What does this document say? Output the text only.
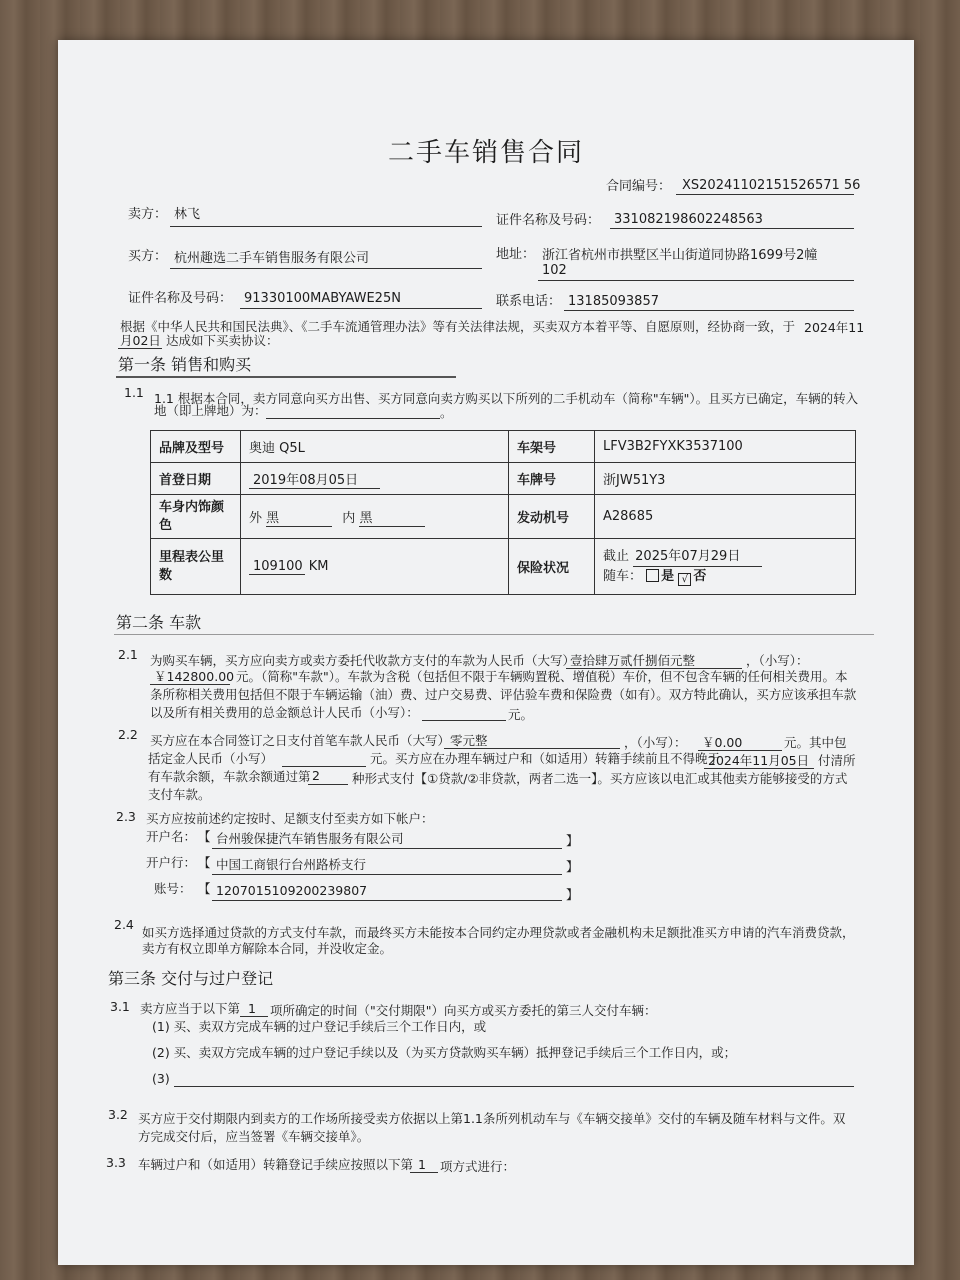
二手车销售合同
合同编号： XS20241102151526571 56
卖方： 林飞	证件名称及号码： 331082198602248563
买方： 杭州趣选二手车销售服务有限公司	地址： 浙江省杭州市拱墅区半山街道同协路1699号2幢
102
证件名称及号码： 91330100MABYAWE25N	联系电话： 13185093857
根据《中华人民共和国民法典》、《二手车流通管理办法》等有关法律法规，买卖双方本着平等、自愿原则，经协商一致，于 2024年11
月02日 达成如下买卖协议：
第一条 销售和购买
1.1 1.1 根据本合同，卖方同意向买方出售、买方同意向卖方购买以下所列的二手机动车（简称"车辆"）。且买方已确定，车辆的转入
地（即上牌地）为：	。
品牌及型号	奥迪 Q5L	车架号	LFV3B2FYXK3537100
首登日期	2019年08月05日	车牌号	浙JW51Y3
车身内饰颜
色	外 黑 内 黑	发动机号	A28685
里程表公里
数	109100 KM	保险状况	截止 2025年07月29日
随车： 是 √ 否
第二条 车款
2.1 为购买车辆，买方应向卖方或卖方委托代收款方支付的车款为人民币（大写）
壹拾肆万贰仟捌佰元整	，（小写）：
￥142800.00 元。（简称"车款"）。车款为含税（包括但不限于车辆购置税、增值税）车价，但不包含车辆的任何相关费用。本
条所称相关费用包括但不限于车辆运输（油）费、过户交易费、评估验车费和保险费（如有）。双方特此确认，买方应该承担车款
以及所有相关费用的总金额总计人民币（小写）：	元。
2.2 买方应在本合同签订之日支付首笔车款人民币（大写） 零元整	，（小写）： ￥0.00	元。其中包
括定金人民币（小写）	元。买方应在办理车辆过户和（如适用）转籍手续前且不得晚于
2024年11月05日 付清所
有车款余额，车款余额通过第 2	种形式支付【①贷款/②非贷款，两者二选一】。买方应该以电汇或其他卖方能够接受的方式
支付车款。
2.3 买方应按前述约定按时、足额支付至卖方如下帐户：
开户名： 【 台州骏保捷汽车销售服务有限公司	】
开户行： 【 中国工商银行台州路桥支行	】
账号： 【 1207015109200239807	】
2.4
如买方选择通过贷款的方式支付车款，而最终买方未能按本合同约定办理贷款或者金融机构未足额批准买方申请的汽车消费贷款，
卖方有权立即单方解除本合同，并没收定金。
第三条 交付与过户登记
3.1 卖方应当于以下第 1 项所确定的时间（"交付期限"）向买方或买方委托的第三人交付车辆：
(1) 买、卖双方完成车辆的过户登记手续后三个工作日内，或
(2) 买、卖双方完成车辆的过户登记手续以及（为买方贷款购买车辆）抵押登记手续后三个工作日内，或；
(3)
3.2 买方应于交付期限内到卖方的工作场所接受卖方依据以上第1.1条所列机动车与《车辆交接单》交付的车辆及随车材料与文件。双
方完成交付后，应当签署《车辆交接单》。
3.3 车辆过户和（如适用）转籍登记手续应按照以下第 1 项方式进行：
